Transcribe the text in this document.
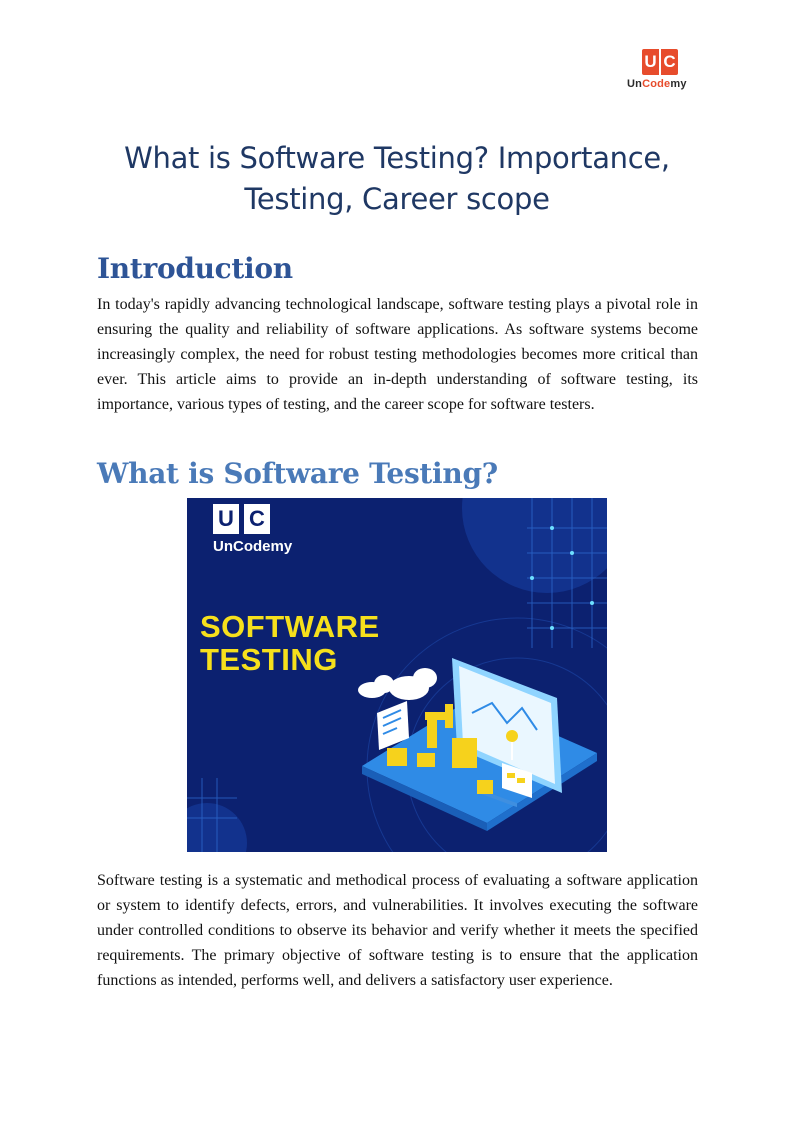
U C
UnCodemy
What is Software Testing? Importance, Testing, Career scope
Introduction

In today's rapidly advancing technological landscape, software testing plays a pivotal role in ensuring the quality and reliability of software applications. As software systems become increasingly complex, the need for robust testing methodologies becomes more critical than ever. This article aims to provide an in-depth understanding of software testing, its importance, various types of testing, and the career scope for software testers.

What is Software Testing?
U C
UnCodemy
SOFTWARE
TESTING

Software testing is a systematic and methodical process of evaluating a software application or system to identify defects, errors, and vulnerabilities. It involves executing the software under controlled conditions to observe its behavior and verify whether it meets the specified requirements. The primary objective of software testing is to ensure that the application functions as intended, performs well, and delivers a satisfactory user experience.
